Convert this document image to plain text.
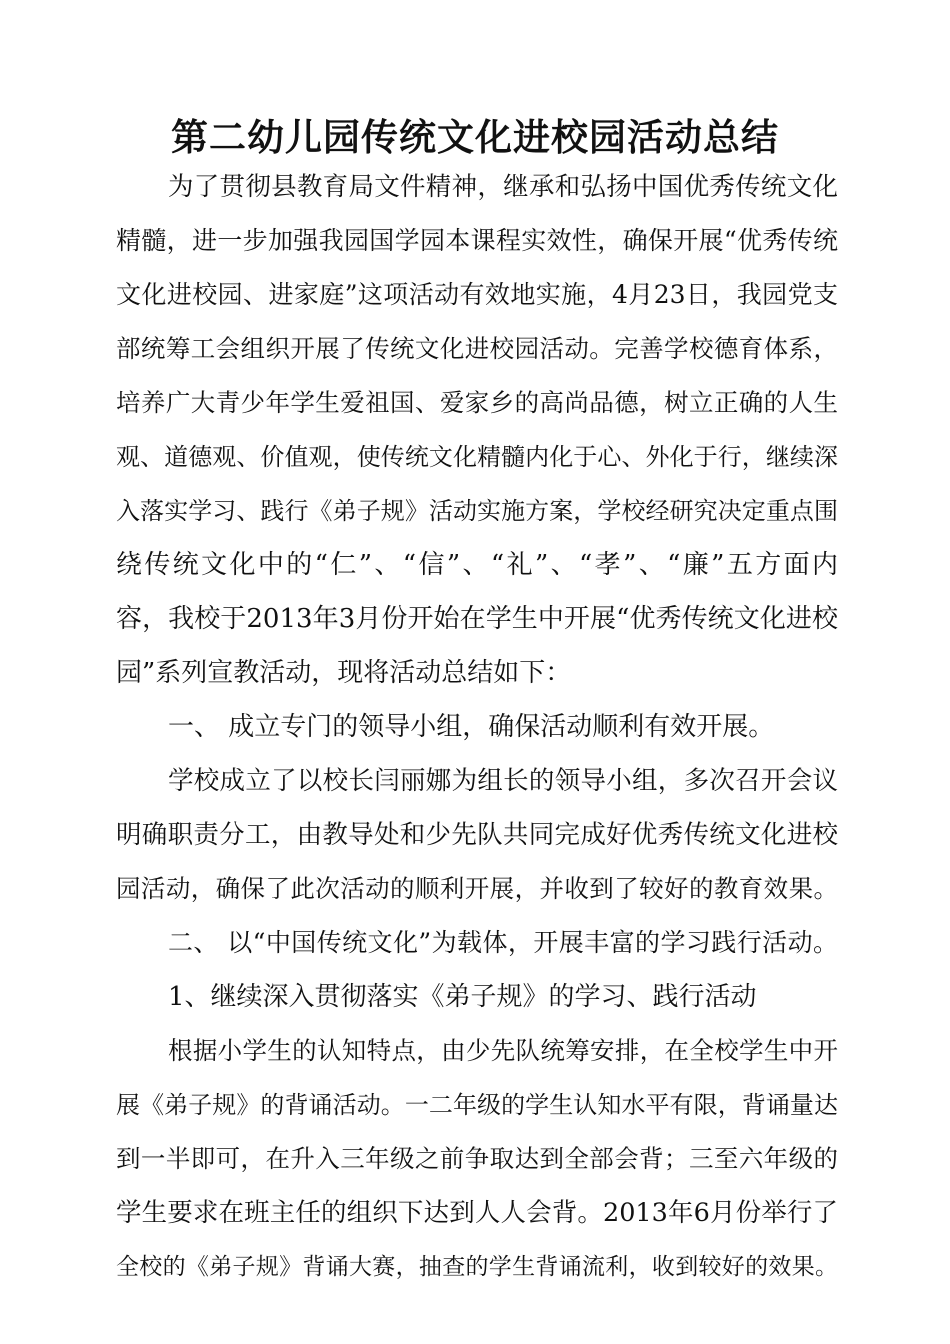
第二幼儿园传统文化进校园活动总结
为了贯彻县教育局文件精神，继承和弘扬中国优秀传统文化
精髓，进一步加强我园国学园本课程实效性，确保开展“优秀传统
文化进校园、进家庭”这项活动有效地实施，4月23日，我园党支
部统筹工会组织开展了传统文化进校园活动。完善学校德育体系，
培养广大青少年学生爱祖国、爱家乡的高尚品德，树立正确的人生
观、道德观、价值观，使传统文化精髓内化于心、外化于行，继续深
入落实学习、践行《弟子规》活动实施方案，学校经研究决定重点围
绕传统文化中的“仁”、“信”、“礼”、“孝”、“廉”五方面内
容，我校于2013年3月份开始在学生中开展“优秀传统文化进校
园”系列宣教活动，现将活动总结如下：
一、 成立专门的领导小组，确保活动顺利有效开展。
学校成立了以校长闫丽娜为组长的领导小组，多次召开会议
明确职责分工，由教导处和少先队共同完成好优秀传统文化进校
园活动，确保了此次活动的顺利开展，并收到了较好的教育效果。
二、 以“中国传统文化”为载体，开展丰富的学习践行活动。
1、继续深入贯彻落实《弟子规》的学习、践行活动
根据小学生的认知特点，由少先队统筹安排，在全校学生中开
展《弟子规》的背诵活动。一二年级的学生认知水平有限，背诵量达
到一半即可，在升入三年级之前争取达到全部会背；三至六年级的
学生要求在班主任的组织下达到人人会背。2013年6月份举行了
全校的《弟子规》背诵大赛，抽查的学生背诵流利，收到较好的效果。
